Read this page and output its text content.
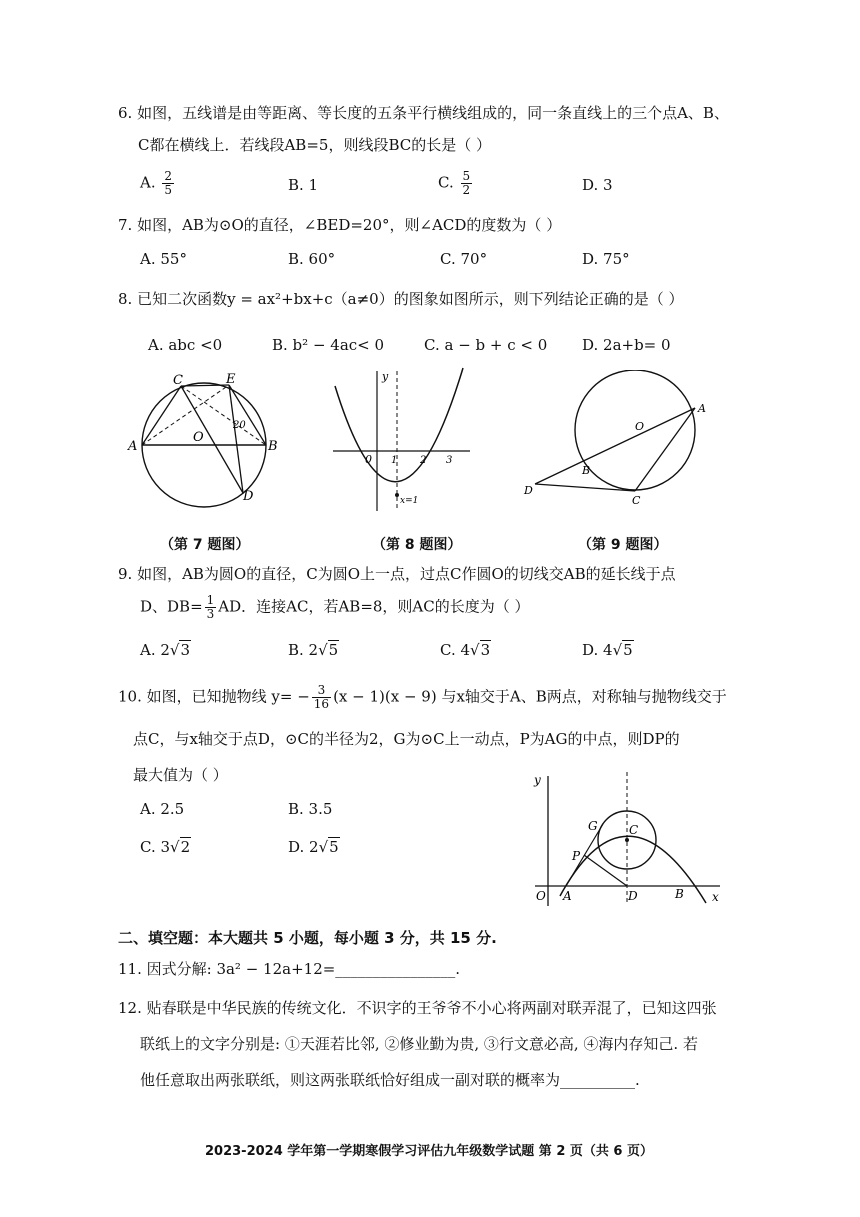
6. 如图，五线谱是由等距离、等长度的五条平行横线组成的，同一条直线上的三个点A、B、
C都在横线上．若线段AB=5，则线段BC的长是（ ）
A. $\frac{2}{5}$	B. 1	C. $\frac{5}{2}$	D. 3
7. 如图，AB为⊙O的直径，∠BED=20°，则∠ACD的度数为（ ）
A. 55°	B. 60°	C. 70°	D. 75°
8. 已知二次函数y = ax²+bx+c（a≠0）的图象如图所示，则下列结论正确的是（ ）
A. abc <0	B. b² − 4ac< 0	C. a − b + c < 0 D. 2a+b= 0
C	E
A
O
B
D
20
（第 7 题图）
y
0 1 2 3
x=1
（第 8 题图）
A
O
B
D
C
（第 9 题图）
9. 如图，AB为圆O的直径，C为圆O上一点，过点C作圆O的切线交AB的延长线于点
D、$DB= \frac{1}{3}$ AD．连接AC，若AB=8，则AC的长度为（ ）
A. 2√3	B. 2√5	C. 4√3	D. 4√5
10. 如图，已知抛物线 $y= - \frac{3}{16} (x - 1)(x - 9)$ 与x轴交于A、B两点，对称轴与抛物线交于
点C，与x轴交于点D，⊙C的半径为2，G为⊙C上一动点，P为AG的中点，则DP的
最大值为（ ）
A. 2.5	B. 3.5
C. 3√2	D. 2√5
y
G	C
P
O A	D	B x
二、填空题：本大题共 5 小题，每小题 3 分，共 15 分.
11. 因式分解: 3a² − 12a+12=________________.
12. 贴春联是中华民族的传统文化．不识字的王爷爷不小心将两副对联弄混了，已知这四张
联纸上的文字分别是: ①天涯若比邻, ②修业勤为贵, ③行文意必高, ④海内存知己. 若
他任意取出两张联纸，则这两张联纸恰好组成一副对联的概率为__________.
2023-2024 学年第一学期寒假学习评估九年级数学试题 第 2 页（共 6 页）
